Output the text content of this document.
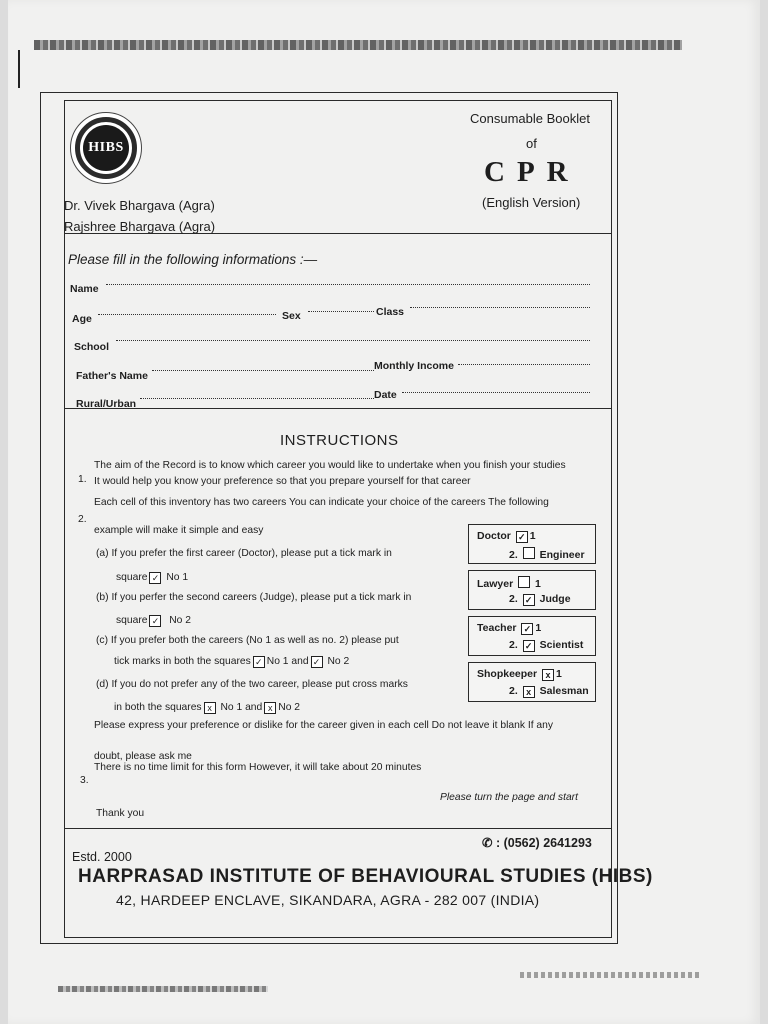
HIBS
Dr. Vivek Bhargava (Agra)
Rajshree Bhargava (Agra)
Consumable Booklet
of
CPR
(English Version)
Please fill in the following informations :—
Name
Age	Sex	Class
School
Father's Name
Monthly Income
Rural/Urban
Date
INSTRUCTIONS
1.
The aim of the Record is to know which career you would like to undertake when you finish your studies
It would help you know your preference so that you prepare yourself for that career
2.
Each cell of this inventory has two careers You can indicate your choice of the careers The following
example will make it simple and easy
(a) If you prefer the first career (Doctor), please put a tick mark in
square ✓ No 1
(b) If you perfer the second careers (Judge), please put a tick mark in
square ✓ No 2
(c) If you prefer both the careers (No 1 as well as no. 2) please put
tick marks in both the squares ✓ No 1 and ✓ No 2
(d) If you do not prefer any of the two career, please put cross marks
in both the squares x No 1 and x No 2
Please express your preference or dislike for the career given in each cell Do not leave it blank If any
doubt, please ask me
3.
There is no time limit for this form However, it will take about 20 minutes
Please turn the page and start
Thank you
Doctor ✓ 1
2. Engineer
Lawyer 1
2. ✓ Judge
Teacher ✓ 1
2. ✓ Scientist
Shopkeeper x 1
2. x Salesman
Estd. 2000
✆ : (0562) 2641293
HARPRASAD INSTITUTE OF BEHAVIOURAL STUDIES (HIBS)
42, HARDEEP ENCLAVE, SIKANDARA, AGRA - 282 007 (INDIA)
